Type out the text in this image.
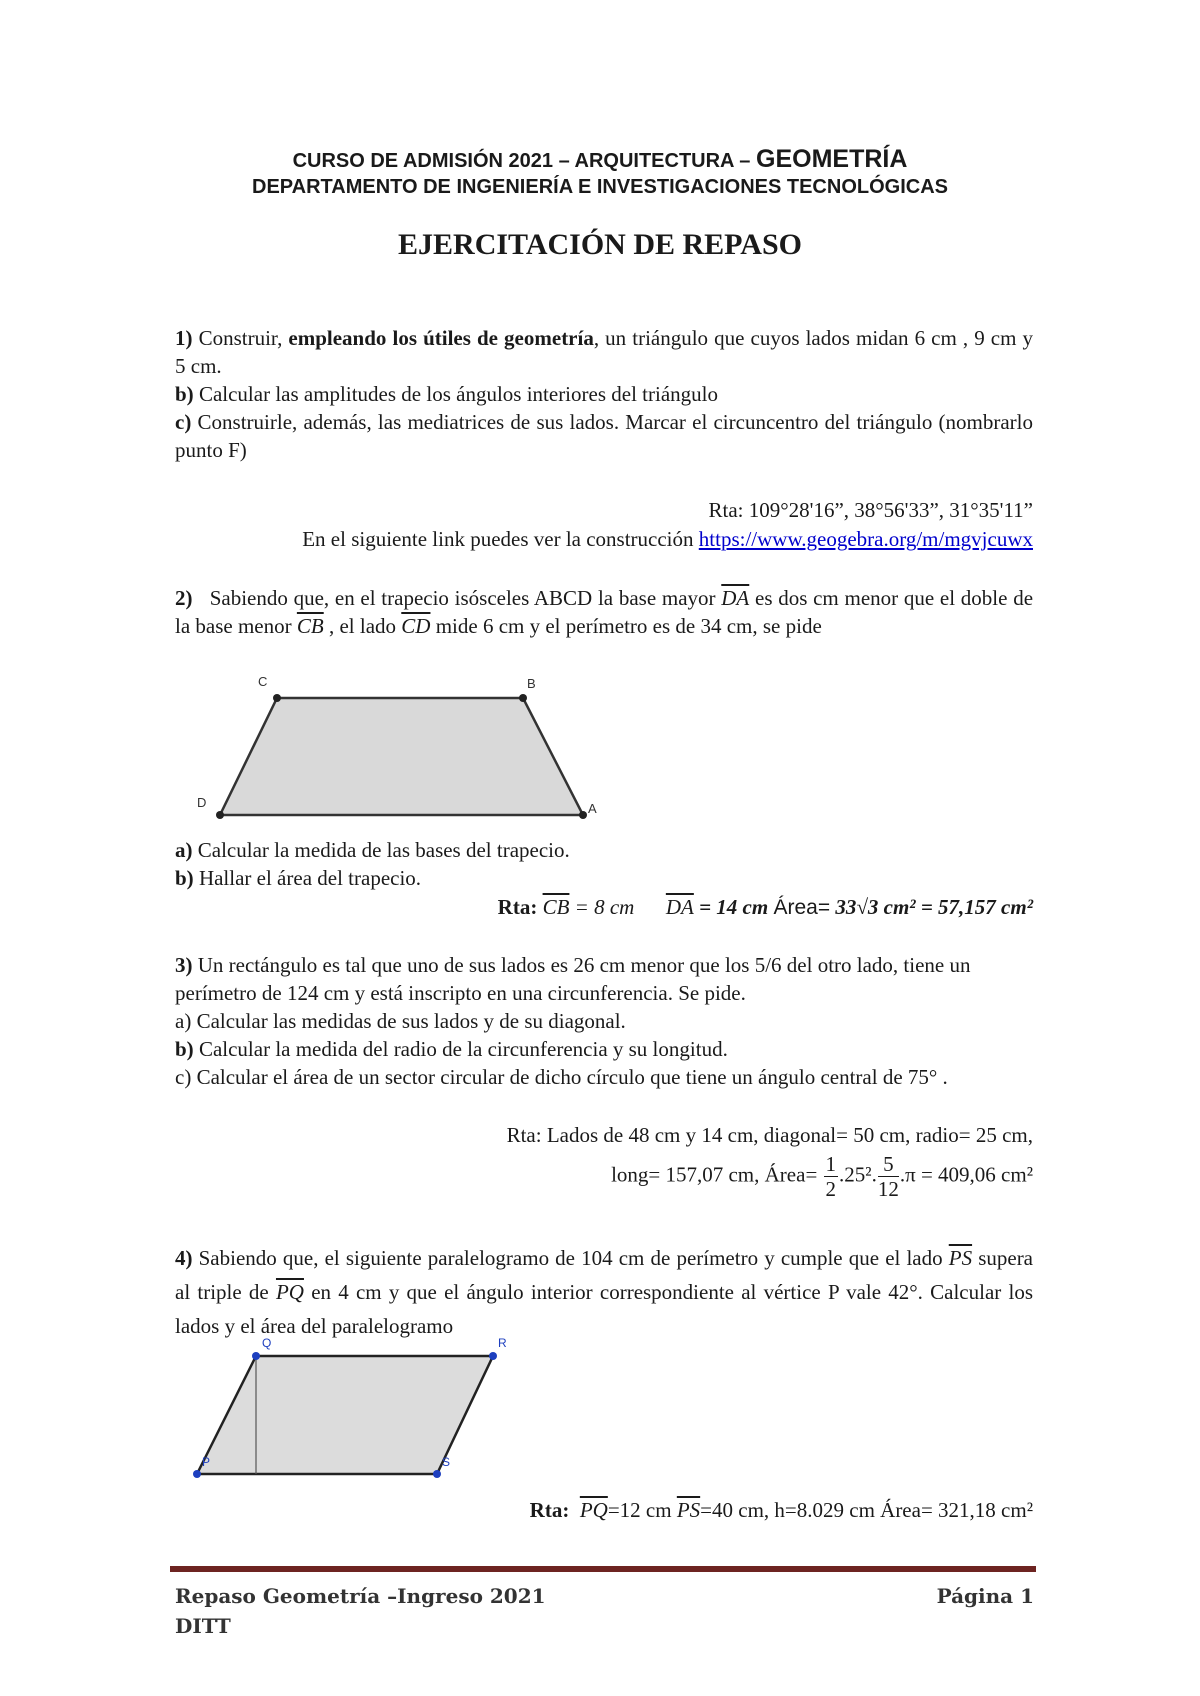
CURSO DE ADMISIÓN 2021 – ARQUITECTURA – GEOMETRÍA
DEPARTAMENTO DE INGENIERÍA E INVESTIGACIONES TECNOLÓGICAS
EJERCITACIÓN DE REPASO
1) Construir, empleando los útiles de geometría, un triángulo que cuyos lados midan 6 cm , 9 cm y 5 cm.
b) Calcular las amplitudes de los ángulos interiores del triángulo
c) Construirle, además, las mediatrices de sus lados. Marcar el circuncentro del triángulo (nombrarlo punto F)
Rta: 109°28'16”, 38°56'33”, 31°35'11”
En el siguiente link puedes ver la construcción https://www.geogebra.org/m/mgvjcuwx
2) Sabiendo que, en el trapecio isósceles ABCD la base mayor $\overline{DA}$ es dos cm menor que el doble de la base menor $\overline{CB}$ , el lado $\overline{CD}$ mide 6 cm y el perímetro es de 34 cm, se pide
C	B
A
D
a) Calcular la medida de las bases del trapecio.
b) Hallar el área del trapecio.
Rta: $\overline{CB} = 8$ cm $\overline{DA} = 14$ cm Área= 33√3 cm² = 57,157 cm²
3) Un rectángulo es tal que uno de sus lados es 26 cm menor que los 5/6 del otro lado, tiene un perímetro de 124 cm y está inscripto en una circunferencia. Se pide.
a) Calcular las medidas de sus lados y de su diagonal.
b) Calcular la medida del radio de la circunferencia y su longitud.
c) Calcular el área de un sector circular de dicho círculo que tiene un ángulo central de 75° .
Rta: Lados de 48 cm y 14 cm, diagonal= 50 cm, radio= 25 cm,
long= 157,07 cm, Área= $\frac{1}{2} .25^2$. $\frac{5}{12} .\pi = 409,06$ cm²
4) Sabiendo que, el siguiente paralelogramo de 104 cm de perímetro y cumple que el lado $\overline{PS}$ supera al triple de $\overline{PQ}$ en 4 cm y que el ángulo interior correspondiente al vértice P vale 42°. Calcular los lados y el área del paralelogramo
Q	R
S
P
Rta: $\overline{PQ}=12$ cm $\overline{PS}=40$ cm, h=8.029 cm Área= 321,18 cm²
Repaso Geometría –Ingreso 2021	Página 1
DITT
